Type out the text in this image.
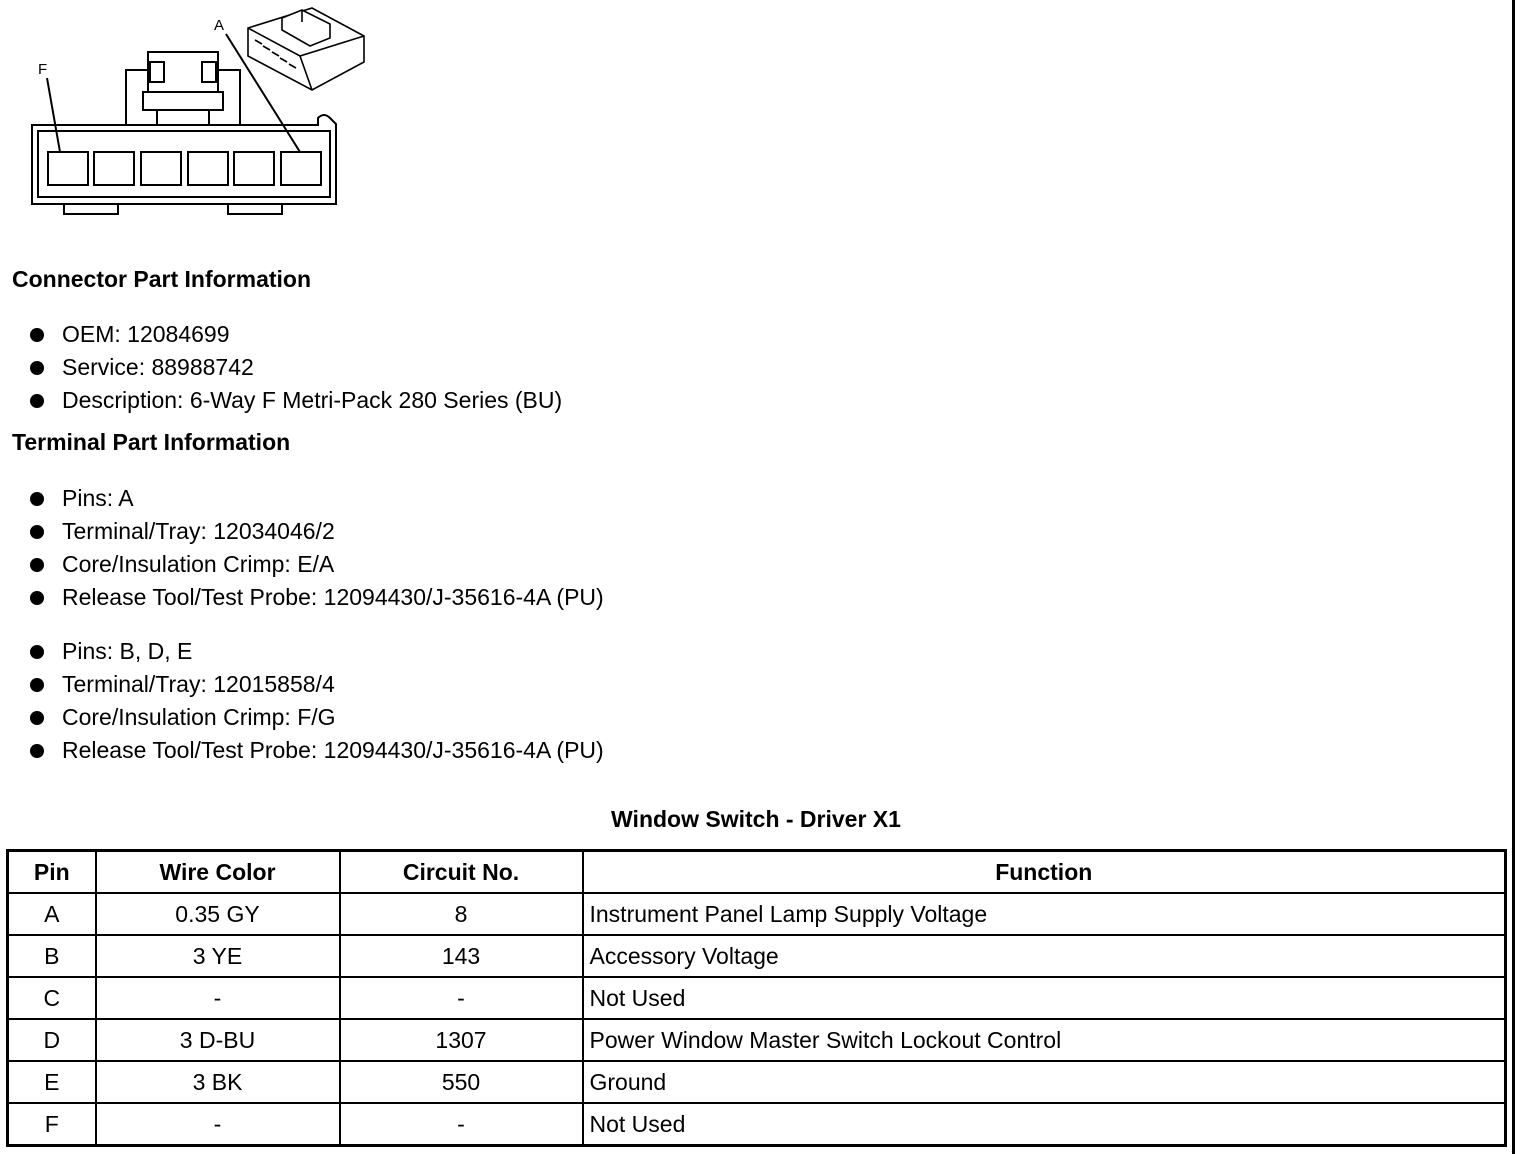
A
F
Connector Part Information
OEM: 12084699
Service: 88988742
Description: 6-Way F Metri-Pack 280 Series (BU)
Terminal Part Information
Pins: A
Terminal/Tray: 12034046/2
Core/Insulation Crimp: E/A
Release Tool/Test Probe: 12094430/J-35616-4A (PU)
Pins: B, D, E
Terminal/Tray: 12015858/4
Core/Insulation Crimp: F/G
Release Tool/Test Probe: 12094430/J-35616-4A (PU)
Window Switch - Driver X1
Pin	Wire Color	Circuit No.	Function
A	0.35 GY	8	Instrument Panel Lamp Supply Voltage
B	3 YE	143	Accessory Voltage
C	-	-	Not Used
D	3 D-BU	1307	Power Window Master Switch Lockout Control
E	3 BK	550	Ground
F	-	-	Not Used
